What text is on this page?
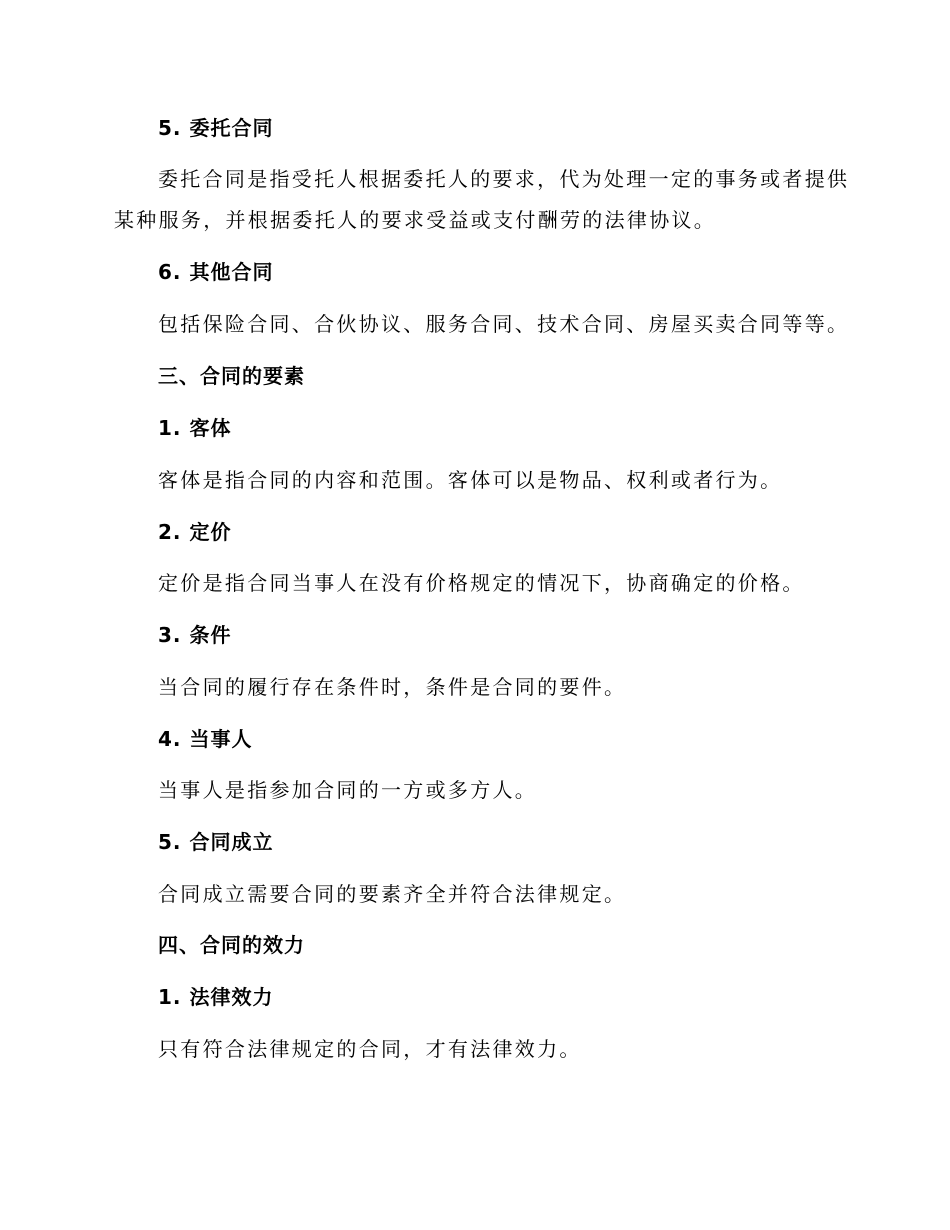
5. 委托合同
委托合同是指受托人根据委托人的要求，代为处理一定的事务或者提供
某种服务，并根据委托人的要求受益或支付酬劳的法律协议。
6. 其他合同
包括保险合同、合伙协议、服务合同、技术合同、房屋买卖合同等等。
三、合同的要素
1. 客体
客体是指合同的内容和范围。客体可以是物品、权利或者行为。
2. 定价
定价是指合同当事人在没有价格规定的情况下，协商确定的价格。
3. 条件
当合同的履行存在条件时，条件是合同的要件。
4. 当事人
当事人是指参加合同的一方或多方人。
5. 合同成立
合同成立需要合同的要素齐全并符合法律规定。
四、合同的效力
1. 法律效力
只有符合法律规定的合同，才有法律效力。
